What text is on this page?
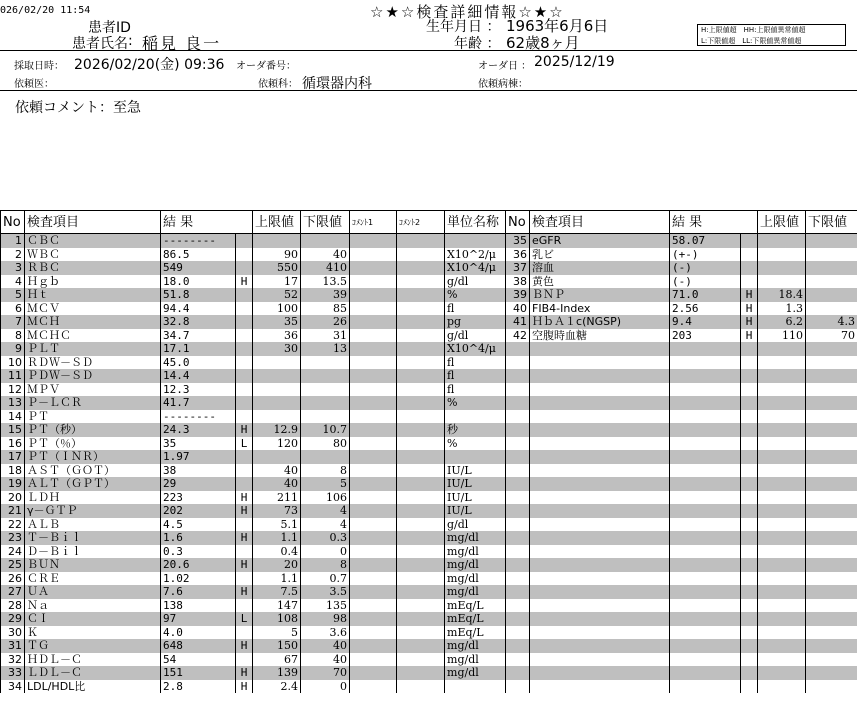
026/02/20 11:54	☆★☆検査詳細情報☆★☆
患者ID
患者氏名 : 稲見 良一
生年月日 ： 1963年6月6日
年齢 ： 62歳8ヶ月
H:上限値超　HH:上限値異常値超
L:下限値超　LL:下限値異常値超
採取日時： 2026/02/20(金) 09:36 オーダ番号：	オーダ日 ： 2025/12/19
依頼医：	依頼科： 循環器内科	依頼病棟：
依頼コメント：至急
No	検査項目	結 果		上限値	下限値	ｺﾒﾝﾄ1	ｺﾒﾝﾄ2	単位名称	No	検査項目	結 果		上限値	下限値
1	ＣＢＣ	--------							35	eGFR	58.07			
2	ＷＢＣ	86.5		90	40			X10^2/μ	36	乳ビ	(+-)			
3	ＲＢＣ	549		550	410			X10^4/μ	37	溶血	(-)			
4	Ｈｇｂ	18.0	H	17	13.5			g/dl	38	黄色	(-)			
5	Ｈｔ	51.8		52	39			%	39	ＢＮＰ	71.0	H	18.4	
6	ＭＣＶ	94.4		100	85			fl	40	FIB4-Index	2.56	H	1.3	
7	ＭＣＨ	32.8		35	26			pg	41	ＨｂＡ１c(NGSP)	9.4	H	6.2	4.3
8	ＭＣＨＣ	34.7		36	31			g/dl	42	空腹時血糖	203	H	110	70
9	ＰＬＴ	17.1		30	13			X10^4/μ						
10	ＲＤＷ－ＳＤ	45.0						fl						
11	ＰＤＷ－ＳＤ	14.4						fl						
12	ＭＰＶ	12.3						fl						
13	Ｐ－ＬＣＲ	41.7						%						
14	ＰＴ	--------												
15	ＰＴ（秒）	24.3	H	12.9	10.7			秒						
16	ＰＴ（％）	35	L	120	80			%						
17	ＰＴ（ＩＮＲ）	1.97												
18	ＡＳＴ（ＧＯＴ）	38		40	8			IU/L						
19	ＡＬＴ（ＧＰＴ）	29		40	5			IU/L						
20	ＬＤＨ	223	H	211	106			IU/L						
21	γ－ＧＴＰ	202	H	73	4			IU/L						
22	ＡＬＢ	4.5		5.1	4			g/dl						
23	Ｔ－Ｂｉｌ	1.6	H	1.1	0.3			mg/dl						
24	Ｄ－Ｂｉｌ	0.3		0.4	0			mg/dl						
25	ＢＵＮ	20.6	H	20	8			mg/dl						
26	ＣＲＥ	1.02		1.1	0.7			mg/dl						
27	ＵＡ	7.6	H	7.5	3.5			mg/dl						
28	Ｎａ	138		147	135			mEq/L						
29	ＣＩ	97	L	108	98			mEq/L						
30	Ｋ	4.0		5	3.6			mEq/L						
31	ＴＧ	648	H	150	40			mg/dl						
32	ＨＤＬ－Ｃ	54		67	40			mg/dl						
33	ＬＤＬ－Ｃ	151	H	139	70			mg/dl						
34	LDL/HDL比	2.8	H	2.4	0									
